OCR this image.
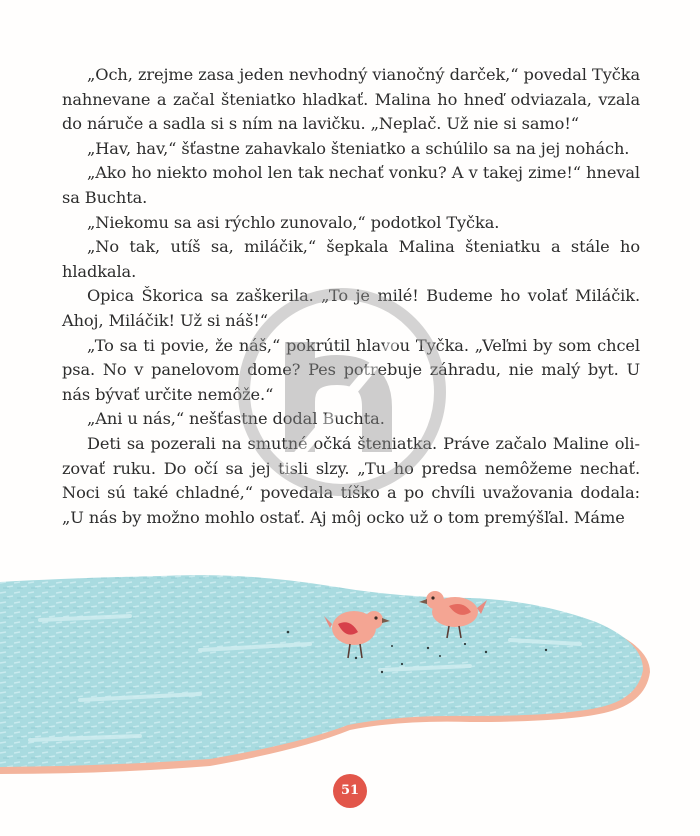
„Och, zrejme zasa jeden nevhodný vianočný darček,“ povedal Tyčka nahnevane a začal šteniatko hladkať. Malina ho hneď odviazala, vzala do náruče a sadla si s ním na lavičku. „Neplač. Už nie si samo!“

„Hav, hav,“ šťastne zahavkalo šteniatko a schúlilo sa na jej nohách.

„Ako ho niekto mohol len tak nechať vonku? A v takej zime!“ hneval sa Buchta.

„Niekomu sa asi rýchlo zunovalo,“ podotkol Tyčka.

„No tak, utíš sa, miláčik,“ šepkala Malina šteniatku a stále ho hladkala.

Opica Škorica sa zaškerila. „To je milé! Budeme ho volať Miláčik. Ahoj, Miláčik! Už si náš!“

„To sa ti povie, že náš,“ pokrútil hlavou Tyčka. „Veľmi by som chcel psa. No v panelovom dome? Pes potrebuje záhradu, nie malý byt. U nás bývať určite nemôže.“

„Ani u nás,“ nešťastne dodal Buchta.

Deti sa pozerali na smutné očká šteniatka. Práve začalo Maline olizovať ruku. Do očí sa jej tisli slzy. „Tu ho predsa nemôžeme nechať. Noci sú také chladné,“ povedala tíško a po chvíli uvažovania dodala: „U nás by možno mohlo ostať. Aj môj ocko už o tom premýšľal. Máme

51
